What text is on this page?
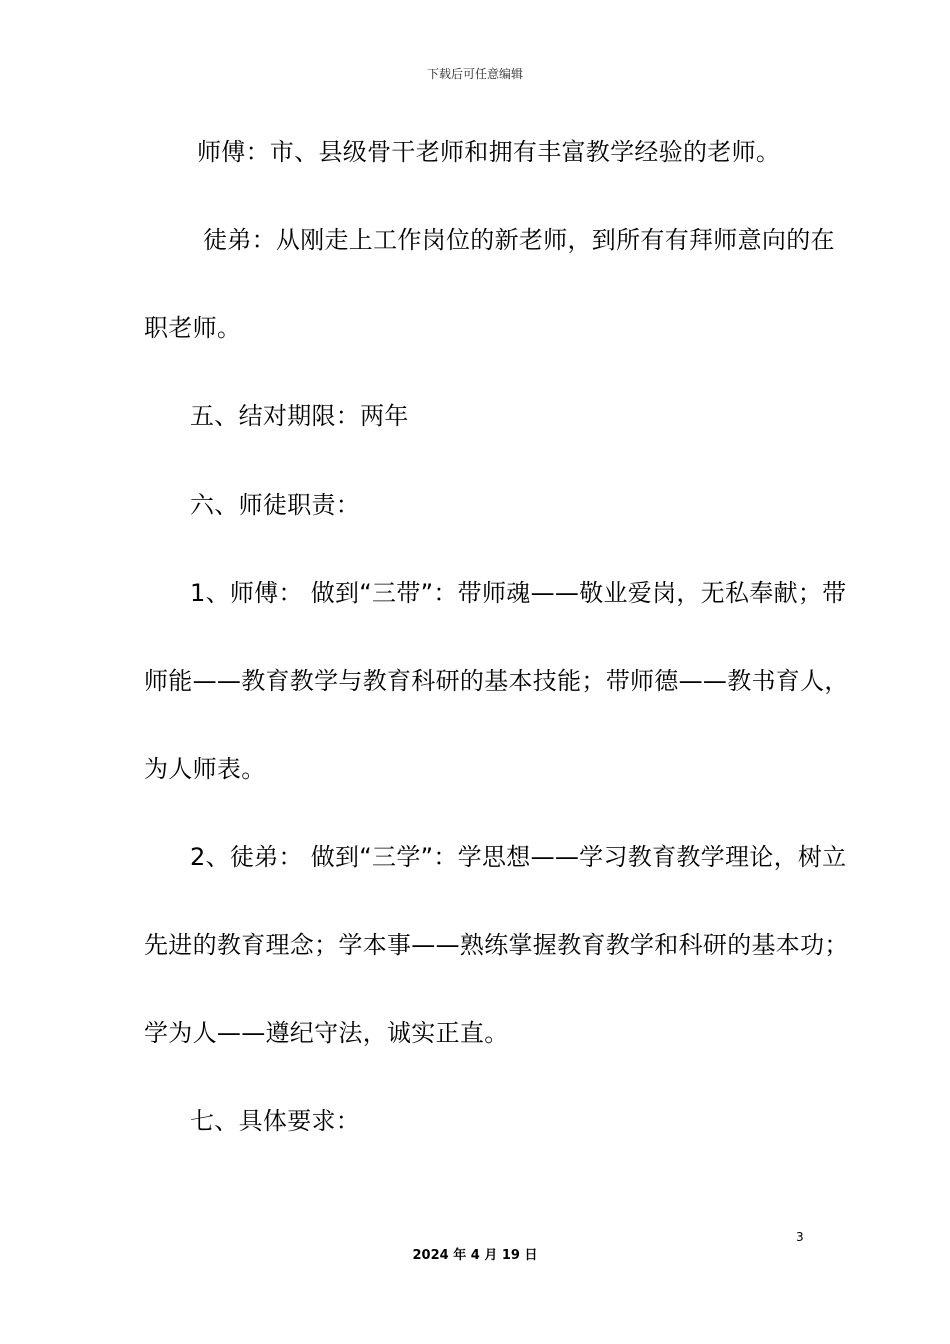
下载后可任意编辑
师傅：市、县级骨干老师和拥有丰富教学经验的老师。
徒弟：从刚走上工作岗位的新老师，到所有有拜师意向的在
职老师。
五、结对期限：两年
六、师徒职责：
1、师傅： 做到“三带”：带师魂——敬业爱岗，无私奉献；带
师能——教育教学与教育科研的基本技能；带师德——教书育人，
为人师表。
2、徒弟： 做到“三学”：学思想——学习教育教学理论，树立
先进的教育理念；学本事——熟练掌握教育教学和科研的基本功；
学为人——遵纪守法，诚实正直。
七、具体要求：
3
2024 年 4 月 19 日
